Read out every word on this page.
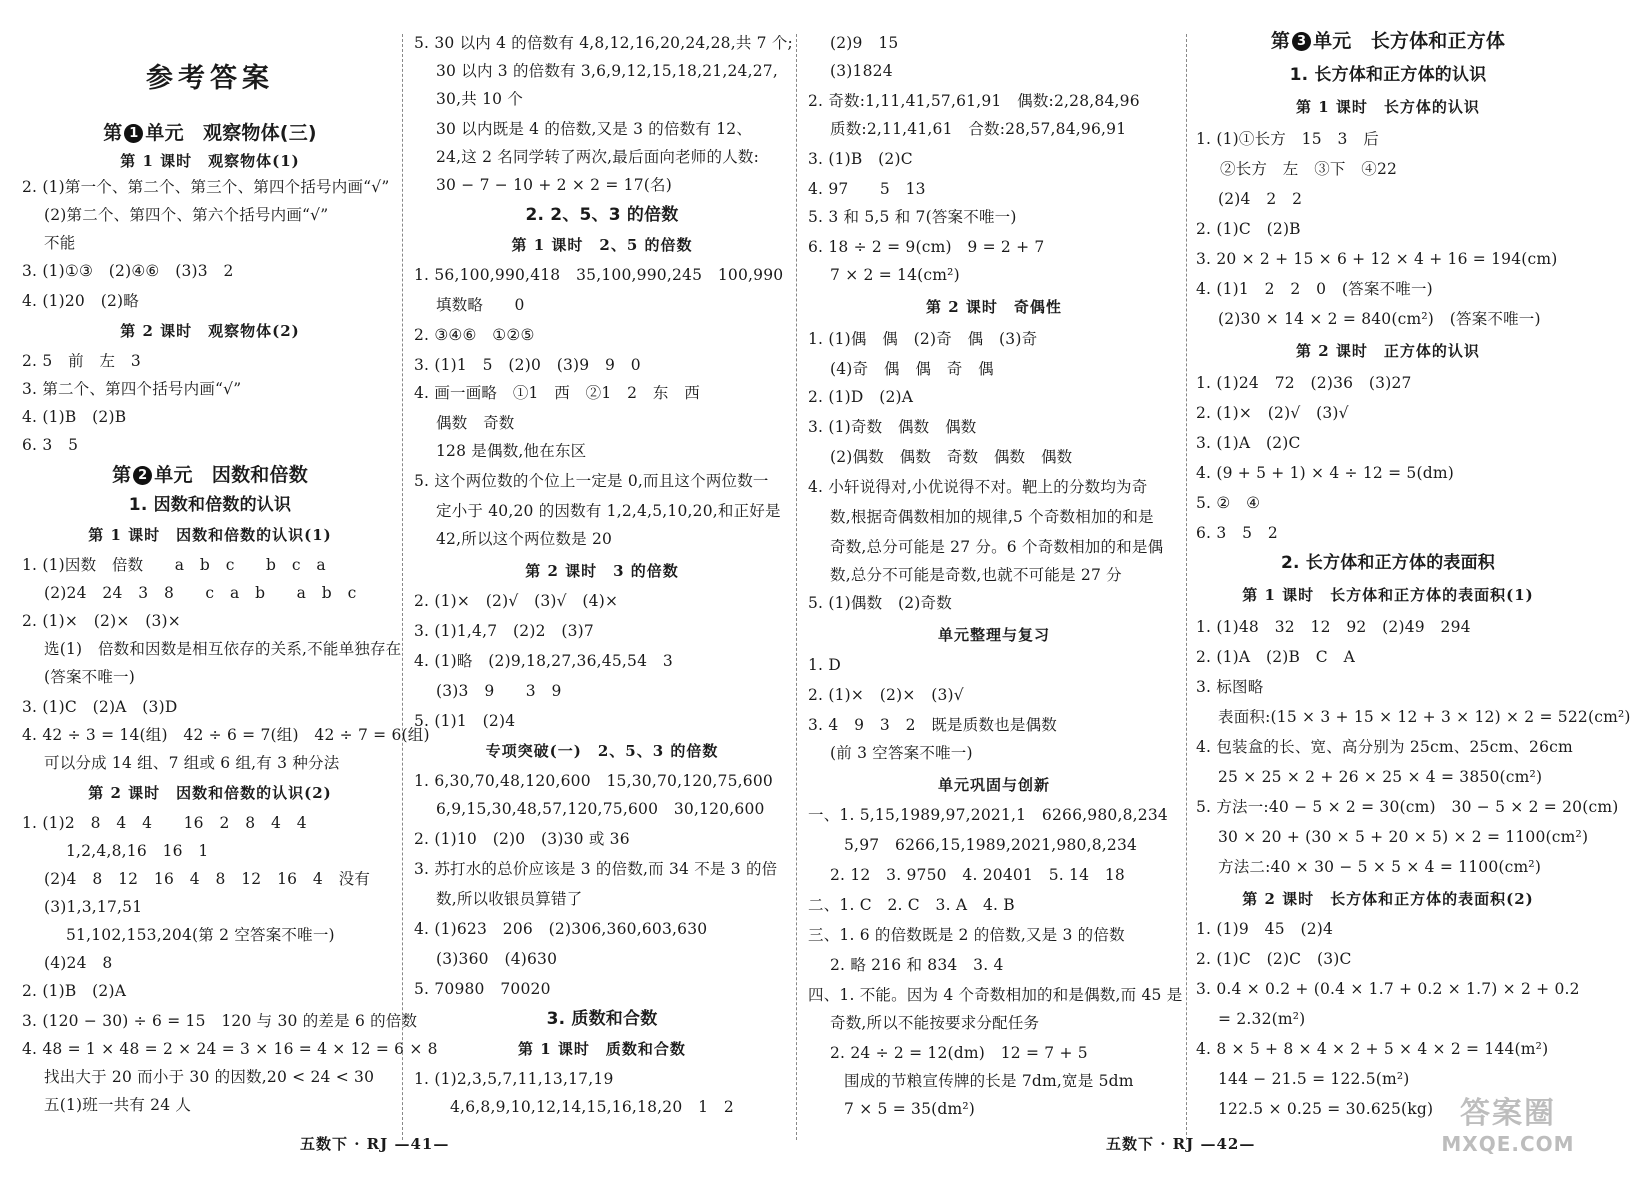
参考答案
第 1 单元　观察物体(三)
第 1 课时　观察物体(1)
2. (1)第一个、第二个、第三个、第四个括号内画“√”
(2)第二个、第四个、第六个括号内画“√”
不能
3. (1)①③　(2)④⑥　(3)3　2
4. (1)20　(2)略
第 2 课时　观察物体(2)
2. 5　前　左　3
3. 第二个、第四个括号内画“√”
4. (1)B　(2)B
6. 3　5
第 2 单元　因数和倍数
1. 因数和倍数的认识
第 1 课时　因数和倍数的认识(1)
1. (1)因数　倍数　　a　b　c　　b　c　a
(2)24　24　3　8　　c　a　b　　a　b　c
2. (1)×　(2)×　(3)×
选(1)　倍数和因数是相互依存的关系,不能单独存在
(答案不唯一)
3. (1)C　(2)A　(3)D
4. 42 ÷ 3 = 14(组)　42 ÷ 6 = 7(组)　42 ÷ 7 = 6(组)
可以分成 14 组、7 组或 6 组,有 3 种分法
第 2 课时　因数和倍数的认识(2)
1. (1)2　8　4　4　　16　2　8　4　4
1,2,4,8,16　16　1
(2)4　8　12　16　4　8　12　16　4　没有
(3)1,3,17,51
51,102,153,204(第 2 空答案不唯一)
(4)24　8
2. (1)B　(2)A
3. (120 − 30) ÷ 6 = 15　120 与 30 的差是 6 的倍数
4. 48 = 1 × 48 = 2 × 24 = 3 × 16 = 4 × 12 = 6 × 8
找出大于 20 而小于 30 的因数,20 < 24 < 30
五(1)班一共有 24 人
5. 30 以内 4 的倍数有 4,8,12,16,20,24,28,共 7 个;
30 以内 3 的倍数有 3,6,9,12,15,18,21,24,27,
30,共 10 个
30 以内既是 4 的倍数,又是 3 的倍数有 12、
24,这 2 名同学转了两次,最后面向老师的人数:
30 − 7 − 10 + 2 × 2 = 17(名)
2. 2、5、3 的倍数
第 1 课时　2、5 的倍数
1. 56,100,990,418　35,100,990,245　100,990
填数略　　0
2. ③④⑥　①②⑤
3. (1)1　5　(2)0　(3)9　9　0
4. 画一画略　①1　西　②1　2　东　西
偶数　奇数
128 是偶数,他在东区
5. 这个两位数的个位上一定是 0,而且这个两位数一
定小于 40,20 的因数有 1,2,4,5,10,20,和正好是
42,所以这个两位数是 20
第 2 课时　3 的倍数
2. (1)×　(2)√　(3)√　(4)×
3. (1)1,4,7　(2)2　(3)7
4. (1)略　(2)9,18,27,36,45,54　3
(3)3　9　　3　9
5. (1)1　(2)4
专项突破(一)　2、5、3 的倍数
1. 6,30,70,48,120,600　15,30,70,120,75,600
6,9,15,30,48,57,120,75,600　30,120,600
2. (1)10　(2)0　(3)30 或 36
3. 苏打水的总价应该是 3 的倍数,而 34 不是 3 的倍
数,所以收银员算错了
4. (1)623　206　(2)306,360,603,630
(3)360　(4)630
5. 70980　70020
3. 质数和合数
第 1 课时　质数和合数
1. (1)2,3,5,7,11,13,17,19
4,6,8,9,10,12,14,15,16,18,20　1　2
(2)9　15
(3)1824
2. 奇数:1,11,41,57,61,91　偶数:2,28,84,96
质数:2,11,41,61　合数:28,57,84,96,91
3. (1)B　(2)C
4. 97　　5　13
5. 3 和 5,5 和 7(答案不唯一)
6. 18 ÷ 2 = 9(cm)　9 = 2 + 7
7 × 2 = 14(cm²)
第 2 课时　奇偶性
1. (1)偶　偶　(2)奇　偶　(3)奇
(4)奇　偶　偶　奇　偶
2. (1)D　(2)A
3. (1)奇数　偶数　偶数
(2)偶数　偶数　奇数　偶数　偶数
4. 小轩说得对,小优说得不对。靶上的分数均为奇
数,根据奇偶数相加的规律,5 个奇数相加的和是
奇数,总分可能是 27 分。6 个奇数相加的和是偶
数,总分不可能是奇数,也就不可能是 27 分
5. (1)偶数　(2)奇数
单元整理与复习
1. D
2. (1)×　(2)×　(3)√
3. 4　9　3　2　既是质数也是偶数
(前 3 空答案不唯一)
单元巩固与创新
一、1. 5,15,1989,97,2021,1　6266,980,8,234
5,97　6266,15,1989,2021,980,8,234
2. 12　3. 9750　4. 20401　5. 14　18
二、1. C　2. C　3. A　4. B
三、1. 6 的倍数既是 2 的倍数,又是 3 的倍数
2. 略 216 和 834　3. 4
四、1. 不能。因为 4 个奇数相加的和是偶数,而 45 是
奇数,所以不能按要求分配任务
2. 24 ÷ 2 = 12(dm)　12 = 7 + 5
围成的节粮宣传牌的长是 7dm,宽是 5dm
7 × 5 = 35(dm²)
第 3 单元　长方体和正方体
1. 长方体和正方体的认识
第 1 课时　长方体的认识
1. (1)①长方　15　3　后
②长方　左　③下　④22
(2)4　2　2
2. (1)C　(2)B
3. 20 × 2 + 15 × 6 + 12 × 4 + 16 = 194(cm)
4. (1)1　2　2　0　(答案不唯一)
(2)30 × 14 × 2 = 840(cm²)　(答案不唯一)
第 2 课时　正方体的认识
1. (1)24　72　(2)36　(3)27
2. (1)×　(2)√　(3)√
3. (1)A　(2)C
4. (9 + 5 + 1) × 4 ÷ 12 = 5(dm)
5. ②　④
6. 3　5　2
2. 长方体和正方体的表面积
第 1 课时　长方体和正方体的表面积(1)
1. (1)48　32　12　92　(2)49　294
2. (1)A　(2)B　C　A
3. 标图略
表面积:(15 × 3 + 15 × 12 + 3 × 12) × 2 = 522(cm²)
4. 包装盒的长、宽、高分别为 25cm、25cm、26cm
25 × 25 × 2 + 26 × 25 × 4 = 3850(cm²)
5. 方法一:40 − 5 × 2 = 30(cm)　30 − 5 × 2 = 20(cm)
30 × 20 + (30 × 5 + 20 × 5) × 2 = 1100(cm²)
方法二:40 × 30 − 5 × 5 × 4 = 1100(cm²)
第 2 课时　长方体和正方体的表面积(2)
1. (1)9　45　(2)4
2. (1)C　(2)C　(3)C
3. 0.4 × 0.2 + (0.4 × 1.7 + 0.2 × 1.7) × 2 + 0.2
= 2.32(m²)
4. 8 × 5 + 8 × 4 × 2 + 5 × 4 × 2 = 144(m²)
144 − 21.5 = 122.5(m²)
122.5 × 0.25 = 30.625(kg)
五数下 · RJ —41—	五数下 · RJ —42—
答案圈
MXQE.COM
